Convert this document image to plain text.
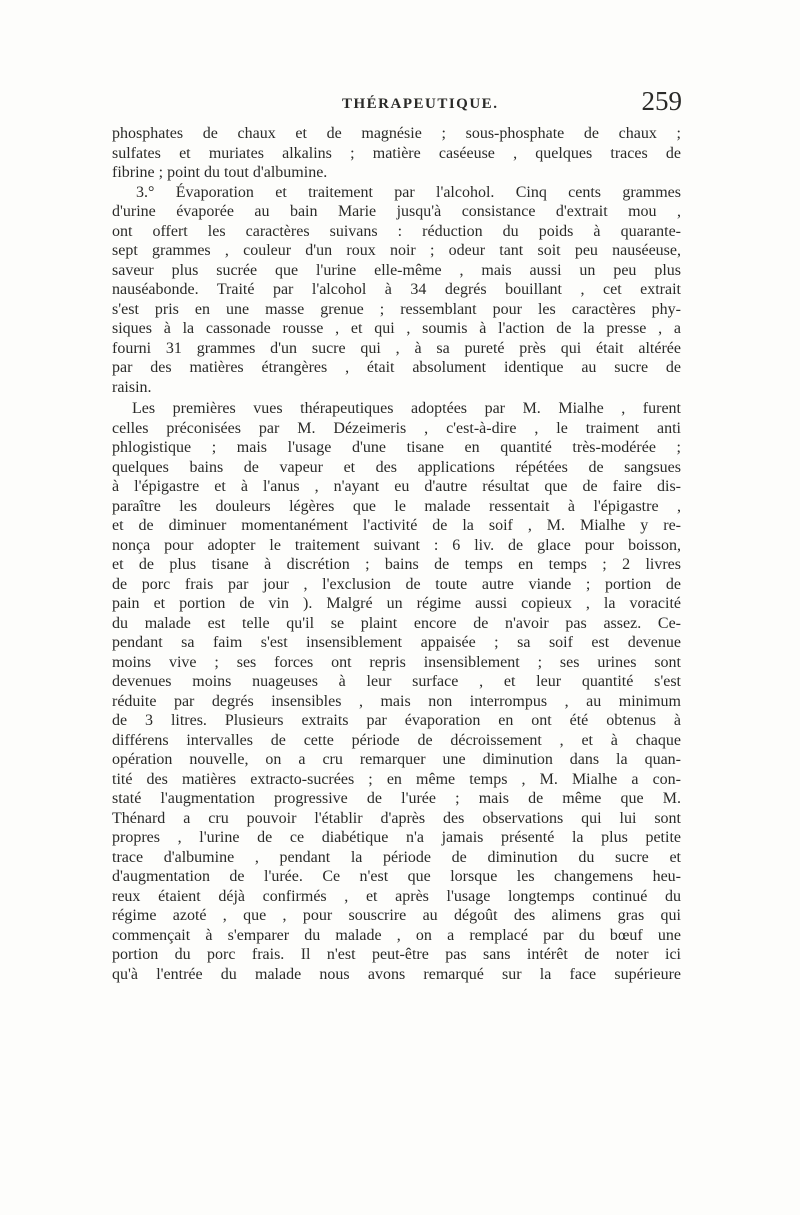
THÉRAPEUTIQUE.	259
phosphates de chaux et de magnésie ; sous-phosphate de chaux ;
sulfates et muriates alkalins ; matière caséeuse , quelques traces de
fibrine ; point du tout d'albumine.
3.° Évaporation et traitement par l'alcohol. Cinq cents grammes
d'urine évaporée au bain Marie jusqu'à consistance d'extrait mou ,
ont offert les caractères suivans : réduction du poids à quarante-
sept grammes , couleur d'un roux noir ; odeur tant soit peu nauséeuse,
saveur plus sucrée que l'urine elle-même , mais aussi un peu plus
nauséabonde. Traité par l'alcohol à 34 degrés bouillant , cet extrait
s'est pris en une masse grenue ; ressemblant pour les caractères phy-
siques à la cassonade rousse , et qui , soumis à l'action de la presse , a
fourni 31 grammes d'un sucre qui , à sa pureté près qui était altérée
par des matières étrangères , était absolument identique au sucre de
raisin.
Les premières vues thérapeutiques adoptées par M. Mialhe , furent
celles préconisées par M. Dézeimeris , c'est-à-dire , le traiment anti
phlogistique ; mais l'usage d'une tisane en quantité très-modérée ;
quelques bains de vapeur et des applications répétées de sangsues
à l'épigastre et à l'anus , n'ayant eu d'autre résultat que de faire dis-
paraître les douleurs légères que le malade ressentait à l'épigastre ,
et de diminuer momentanément l'activité de la soif , M. Mialhe y re-
nonça pour adopter le traitement suivant : 6 liv. de glace pour boisson,
et de plus tisane à discrétion ; bains de temps en temps ; 2 livres
de porc frais par jour , l'exclusion de toute autre viande ; portion de
pain et portion de vin ). Malgré un régime aussi copieux , la voracité
du malade est telle qu'il se plaint encore de n'avoir pas assez. Ce-
pendant sa faim s'est insensiblement appaisée ; sa soif est devenue
moins vive ; ses forces ont repris insensiblement ; ses urines sont
devenues moins nuageuses à leur surface , et leur quantité s'est
réduite par degrés insensibles , mais non interrompus , au minimum
de 3 litres. Plusieurs extraits par évaporation en ont été obtenus à
différens intervalles de cette période de décroissement , et à chaque
opération nouvelle, on a cru remarquer une diminution dans la quan-
tité des matières extracto-sucrées ; en même temps , M. Mialhe a con-
staté l'augmentation progressive de l'urée ; mais de même que M.
Thénard a cru pouvoir l'établir d'après des observations qui lui sont
propres , l'urine de ce diabétique n'a jamais présenté la plus petite
trace d'albumine , pendant la période de diminution du sucre et
d'augmentation de l'urée. Ce n'est que lorsque les changemens heu-
reux étaient déjà confirmés , et après l'usage longtemps continué du
régime azoté , que , pour souscrire au dégoût des alimens gras qui
commençait à s'emparer du malade , on a remplacé par du bœuf une
portion du porc frais. Il n'est peut-être pas sans intérêt de noter ici
qu'à l'entrée du malade nous avons remarqué sur la face supérieure
